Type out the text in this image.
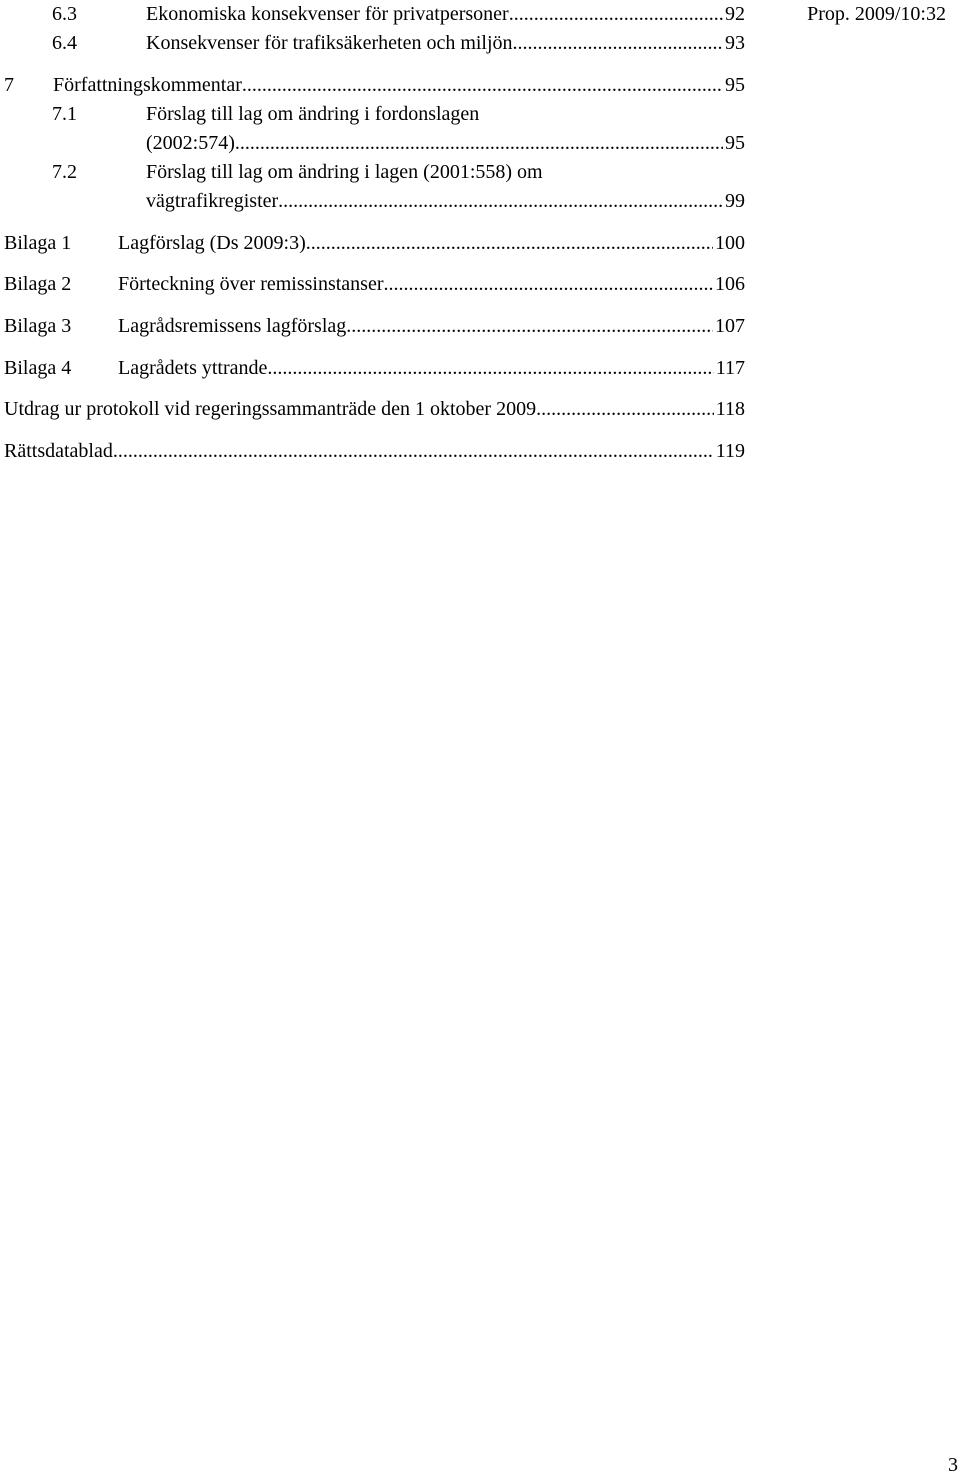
Prop. 2009/10:32
6.3	Ekonomiska konsekvenser för privatpersoner .....	92
6.4	Konsekvenser för trafiksäkerheten och miljön .....	93
7 Författningskommentar .....	95
7.1	Förslag till lag om ändring i fordonslagen
(2002:574) .....	95
7.2	Förslag till lag om ändring i lagen (2001:558) om
vägtrafikregister .....	99
Bilaga 1 Lagförslag (Ds 2009:3) .....	100
Bilaga 2 Förteckning över remissinstanser .....	106
Bilaga 3 Lagrådsremissens lagförslag .....	107
Bilaga 4 Lagrådets yttrande .....	117
Utdrag ur protokoll vid regeringssammanträde den 1 oktober 2009. .....	118
Rättsdatablad .....	119
3
